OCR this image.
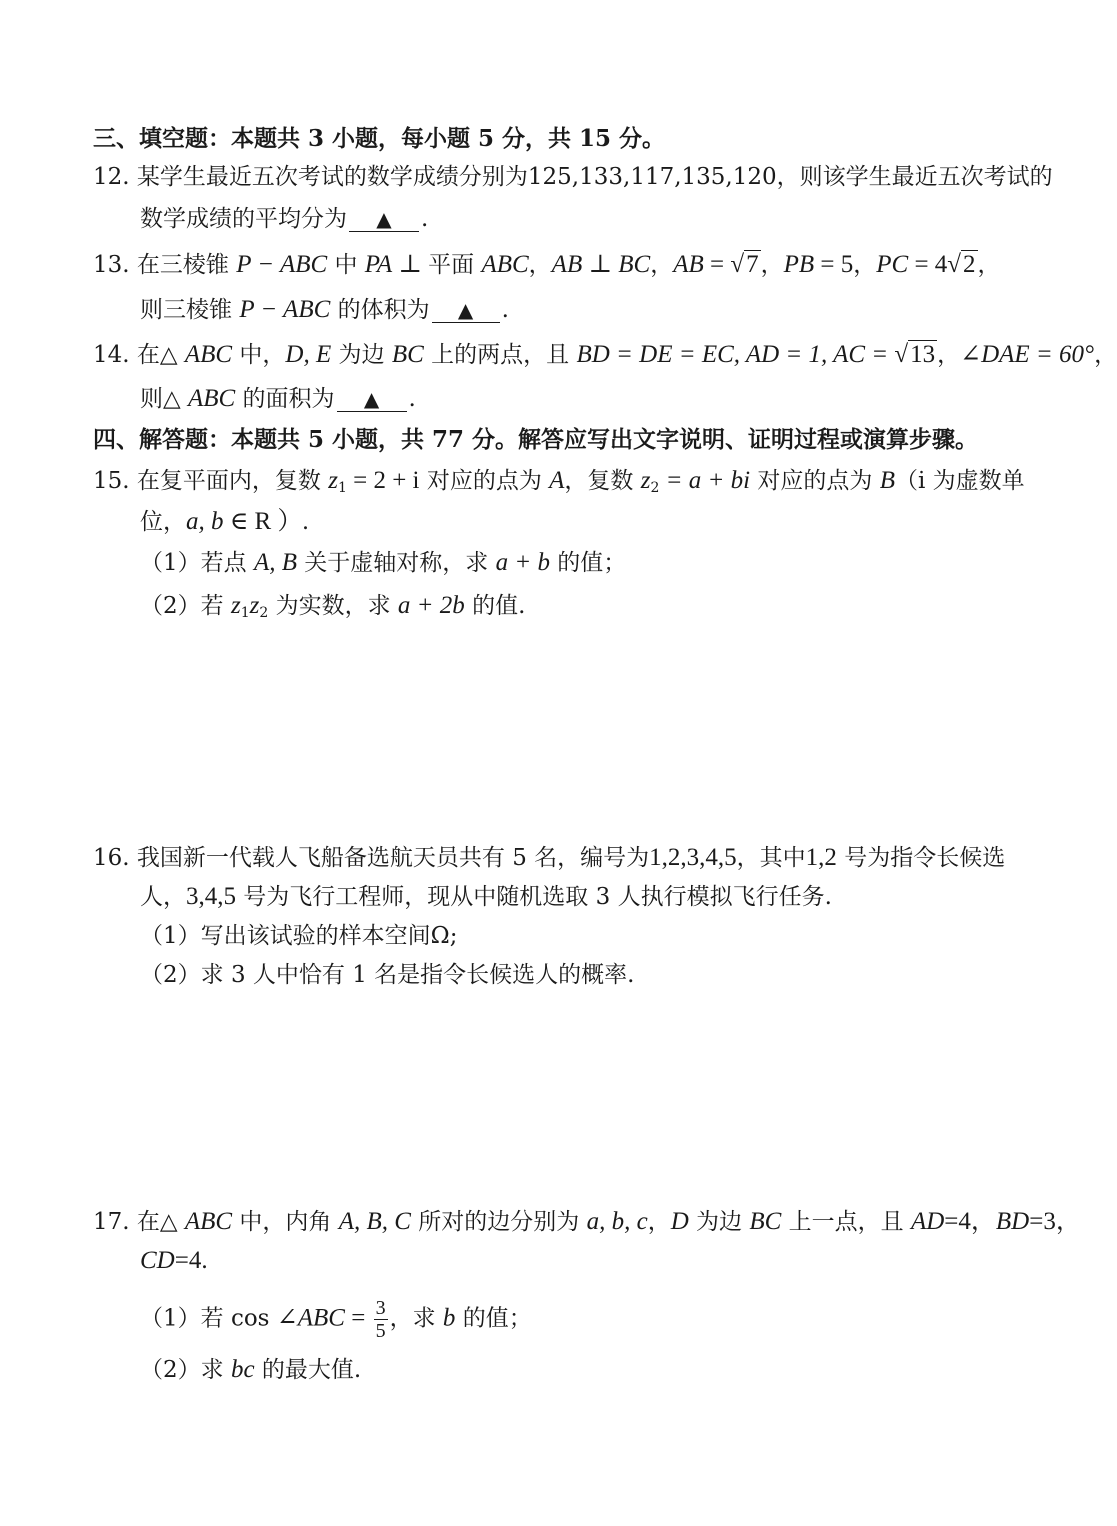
三、填空题：本题共 3 小题，每小题 5 分，共 15 分。
12. 某学生最近五次考试的数学成绩分别为125,133,117,135,120，则该学生最近五次考试的
数学成绩的平均分为 ▲ .
13. 在三棱锥 P − ABC 中 PA ⊥ 平面 ABC，AB ⊥ BC，AB = √7，PB = 5，PC = 4√2，
则三棱锥 P − ABC 的体积为 ▲ .
14. 在△ ABC 中，D, E 为边 BC 上的两点，且 BD = DE = EC, AD = 1, AC = √13，∠DAE = 60°，
则△ ABC 的面积为 ▲ .
四、解答题：本题共 5 小题，共 77 分。解答应写出文字说明、证明过程或演算步骤。
15. 在复平面内，复数 $z_1 = 2 + i$ 对应的点为 A，复数 $z_2 = a$ + bi 对应的点为 B（i 为虚数单
位，a, b ∈ R ）.
（1）若点 A, B 关于虚轴对称，求 a + b 的值；
（2）若 $z_1z_2$ 为实数，求 a + 2b 的值.
16. 我国新一代载人飞船备选航天员共有 5 名，编号为1,2,3,4,5，其中1,2 号为指令长候选
人，3,4,5 号为飞行工程师，现从中随机选取 3 人执行模拟飞行任务.
（1）写出该试验的样本空间Ω;
（2）求 3 人中恰有 1 名是指令长候选人的概率.
17. 在△ ABC 中，内角 A, B, C 所对的边分别为 a, b, c，D 为边 BC 上一点，且 AD=4，BD=3，
CD=4.
（1）若 cos ∠ABC = $\frac{3}{5}$ ，求 b 的值；
（2）求 bc 的最大值.
